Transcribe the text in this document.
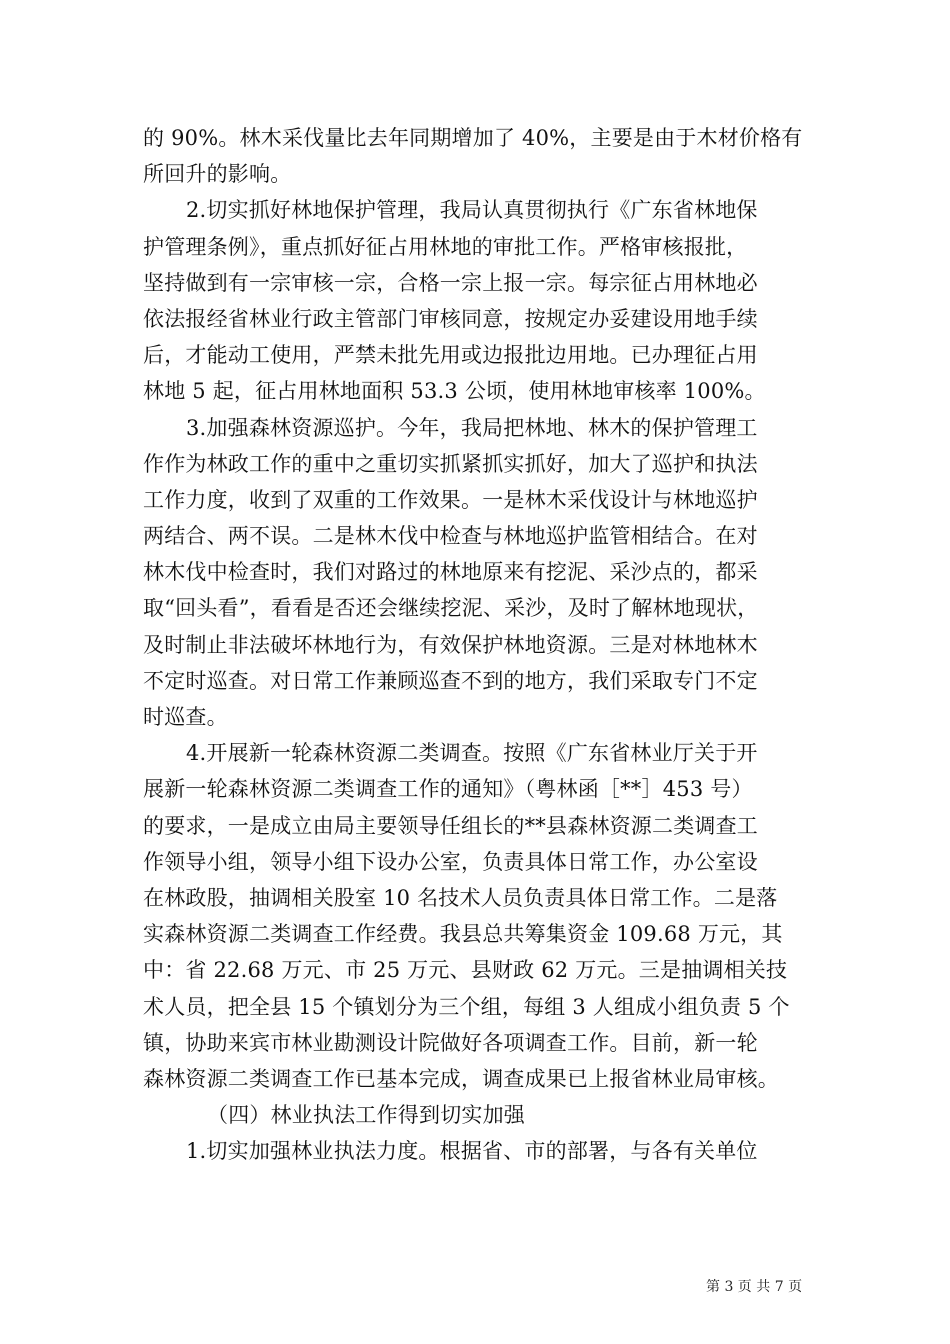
的 90%。林木采伐量比去年同期增加了 40%，主要是由于木材价格有
所回升的影响。
2.切实抓好林地保护管理，我局认真贯彻执行《广东省林地保
护管理条例》，重点抓好征占用林地的审批工作。严格审核报批，
坚持做到有一宗审核一宗，合格一宗上报一宗。每宗征占用林地必
依法报经省林业行政主管部门审核同意，按规定办妥建设用地手续
后，才能动工使用，严禁未批先用或边报批边用地。已办理征占用
林地 5 起，征占用林地面积 53.3 公顷，使用林地审核率 100%。
3.加强森林资源巡护。今年，我局把林地、林木的保护管理工
作作为林政工作的重中之重切实抓紧抓实抓好，加大了巡护和执法
工作力度，收到了双重的工作效果。一是林木采伐设计与林地巡护
两结合、两不误。二是林木伐中检查与林地巡护监管相结合。在对
林木伐中检查时，我们对路过的林地原来有挖泥、采沙点的，都采
取“回头看”，看看是否还会继续挖泥、采沙，及时了解林地现状，
及时制止非法破坏林地行为，有效保护林地资源。三是对林地林木
不定时巡查。对日常工作兼顾巡查不到的地方，我们采取专门不定
时巡查。
4.开展新一轮森林资源二类调查。按照《广东省林业厅关于开
展新一轮森林资源二类调查工作的通知》（粤林函［**］453 号）
的要求，一是成立由局主要领导任组长的**县森林资源二类调查工
作领导小组，领导小组下设办公室，负责具体日常工作，办公室设
在林政股，抽调相关股室 10 名技术人员负责具体日常工作。二是落
实森林资源二类调查工作经费。我县总共筹集资金 109.68 万元，其
中：省 22.68 万元、市 25 万元、县财政 62 万元。三是抽调相关技
术人员，把全县 15 个镇划分为三个组，每组 3 人组成小组负责 5 个
镇，协助来宾市林业勘测设计院做好各项调查工作。目前，新一轮
森林资源二类调查工作已基本完成，调查成果已上报省林业局审核。
（四）林业执法工作得到切实加强
1.切实加强林业执法力度。根据省、市的部署，与各有关单位
第 3 页 共 7 页
